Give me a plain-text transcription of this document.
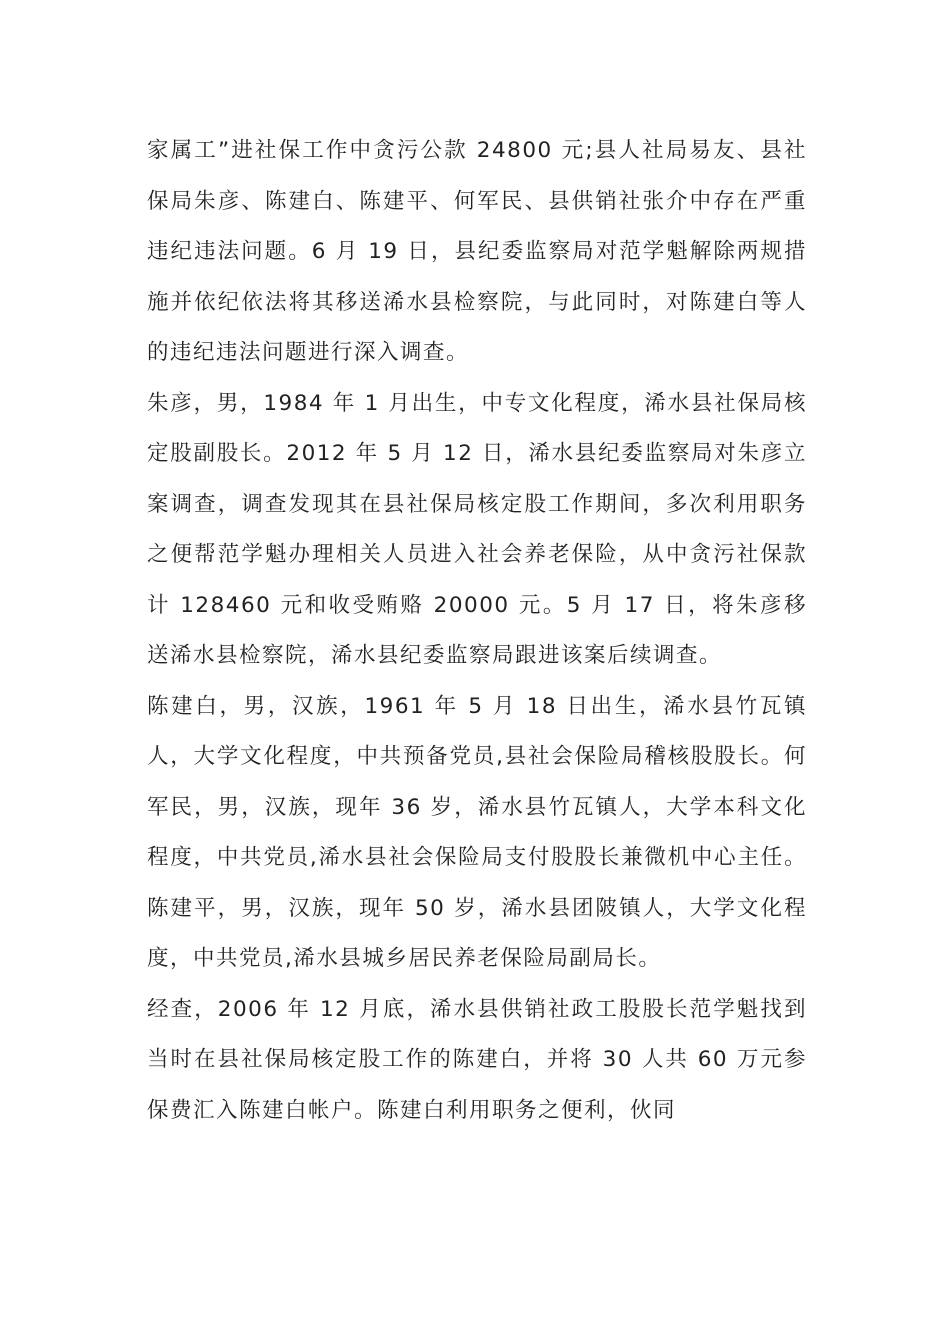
家属工”进社保工作中贪污公款 24800 元;县人社局易友、县社保局朱彦、陈建白、陈建平、何军民、县供销社张介中存在严重违纪违法问题。6 月 19 日，县纪委监察局对范学魁解除两规措施并依纪依法将其移送浠水县检察院，与此同时，对陈建白等人的违纪违法问题进行深入调查。

朱彦，男，1984 年 1 月出生，中专文化程度，浠水县社保局核定股副股长。2012 年 5 月 12 日，浠水县纪委监察局对朱彦立案调查，调查发现其在县社保局核定股工作期间，多次利用职务之便帮范学魁办理相关人员进入社会养老保险，从中贪污社保款计 128460 元和收受贿赂 20000 元。5 月 17 日，将朱彦移送浠水县检察院，浠水县纪委监察局跟进该案后续调查。

陈建白，男，汉族，1961 年 5 月 18 日出生，浠水县竹瓦镇人，大学文化程度，中共预备党员,县社会保险局稽核股股长。何军民，男，汉族，现年 36 岁，浠水县竹瓦镇人，大学本科文化程度，中共党员,浠水县社会保险局支付股股长兼微机中心主任。陈建平，男，汉族，现年 50 岁，浠水县团陂镇人，大学文化程度，中共党员,浠水县城乡居民养老保险局副局长。

经查，2006 年 12 月底，浠水县供销社政工股股长范学魁找到当时在县社保局核定股工作的陈建白，并将 30 人共 60 万元参保费汇入陈建白帐户。陈建白利用职务之便利，伙同
